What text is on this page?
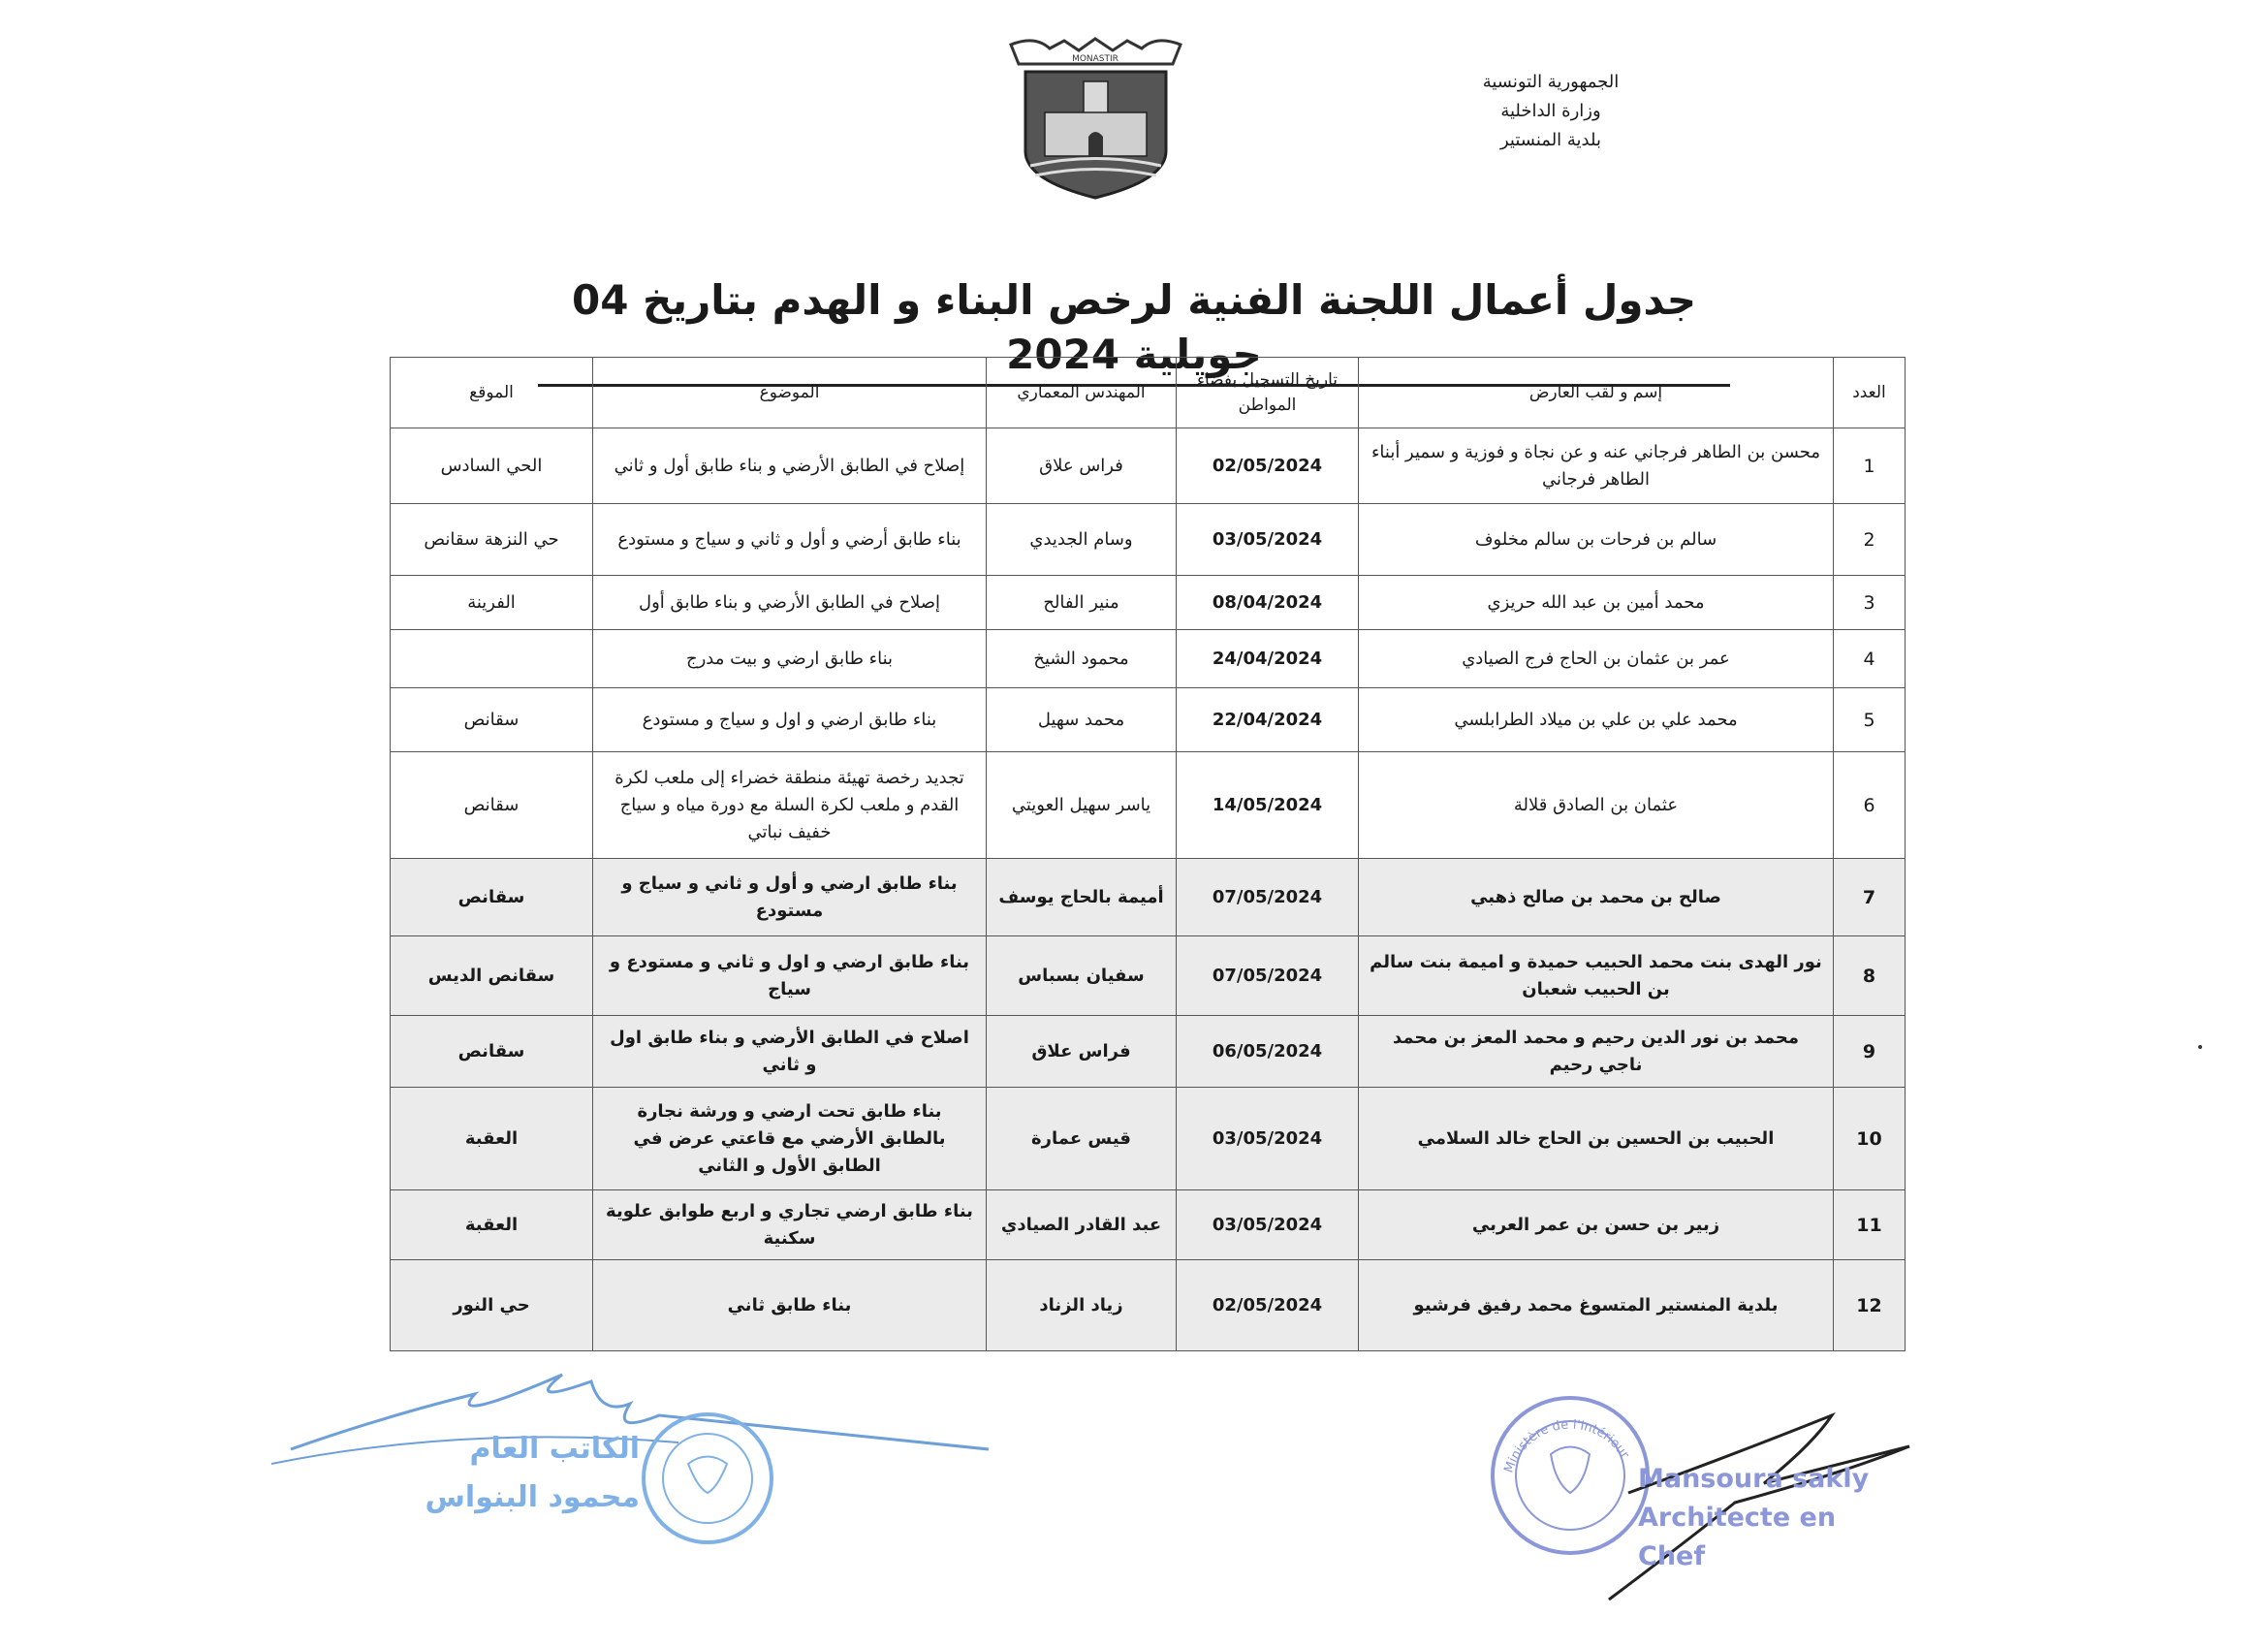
MONASTIR
الجمهورية التونسية
وزارة الداخلية
بلدية المنستير
جدول أعمال اللجنة الفنية لرخص البناء و الهدم بتاريخ 04 جويلية 2024
العدد	إسم و لقب العارض	تاريخ التسجيل بفضاء المواطن	المهندس المعماري	الموضوع	الموقع
1	محسن بن الطاهر فرجاني عنه و عن نجاة و فوزية و سمير أبناء الطاهر فرجاني	02/05/2024	فراس علاق	إصلاح في الطابق الأرضي و بناء طابق أول و ثاني	الحي السادس
2	سالم بن فرحات بن سالم مخلوف	03/05/2024	وسام الجديدي	بناء طابق أرضي و أول و ثاني و سياج و مستودع	حي النزهة سقانص
3	محمد أمين بن عبد الله حريزي	08/04/2024	منير الفالح	إصلاح في الطابق الأرضي و بناء طابق أول	الفرينة
4	عمر بن عثمان بن الحاج فرج الصيادي	24/04/2024	محمود الشيخ	بناء طابق ارضي و بيت مدرج	
5	محمد علي بن علي بن ميلاد الطرابلسي	22/04/2024	محمد سهيل	بناء طابق ارضي و اول و سياج و مستودع	سقانص
6	عثمان بن الصادق قلالة	14/05/2024	ياسر سهيل العويتي	تجديد رخصة تهيئة منطقة خضراء إلى ملعب لكرة القدم و ملعب لكرة السلة مع دورة مياه و سياج خفيف نباتي	سقانص
7	صالح بن محمد بن صالح ذهبي	07/05/2024	أميمة بالحاج يوسف	بناء طابق ارضي و أول و ثاني و سياج و مستودع	سقانص
8	نور الهدى بنت محمد الحبيب حميدة و اميمة بنت سالم بن الحبيب شعبان	07/05/2024	سفيان بسباس	بناء طابق ارضي و اول و ثاني و مستودع و سياج	سقانص الديس
9	محمد بن نور الدين رحيم و محمد المعز بن محمد ناجي رحيم	06/05/2024	فراس علاق	اصلاح في الطابق الأرضي و بناء طابق اول و ثاني	سقانص
10	الحبيب بن الحسين بن الحاج خالد السلامي	03/05/2024	قيس عمارة	بناء طابق تحت ارضي و ورشة نجارة بالطابق الأرضي مع قاعتي عرض في الطابق الأول و الثاني	العقبة
11	زبير بن حسن بن عمر العربي	03/05/2024	عبد القادر الصيادي	بناء طابق ارضي تجاري و اربع طوابق علوية سكنية	العقبة
12	بلدية المنستير المتسوغ محمد رفيق فرشيو	02/05/2024	زياد الزناد	بناء طابق ثاني	حي النور
الكاتب العام
محمود البنواس
Ministère de l'Intérieur
Mansoura sakly
Architecte en Chef
